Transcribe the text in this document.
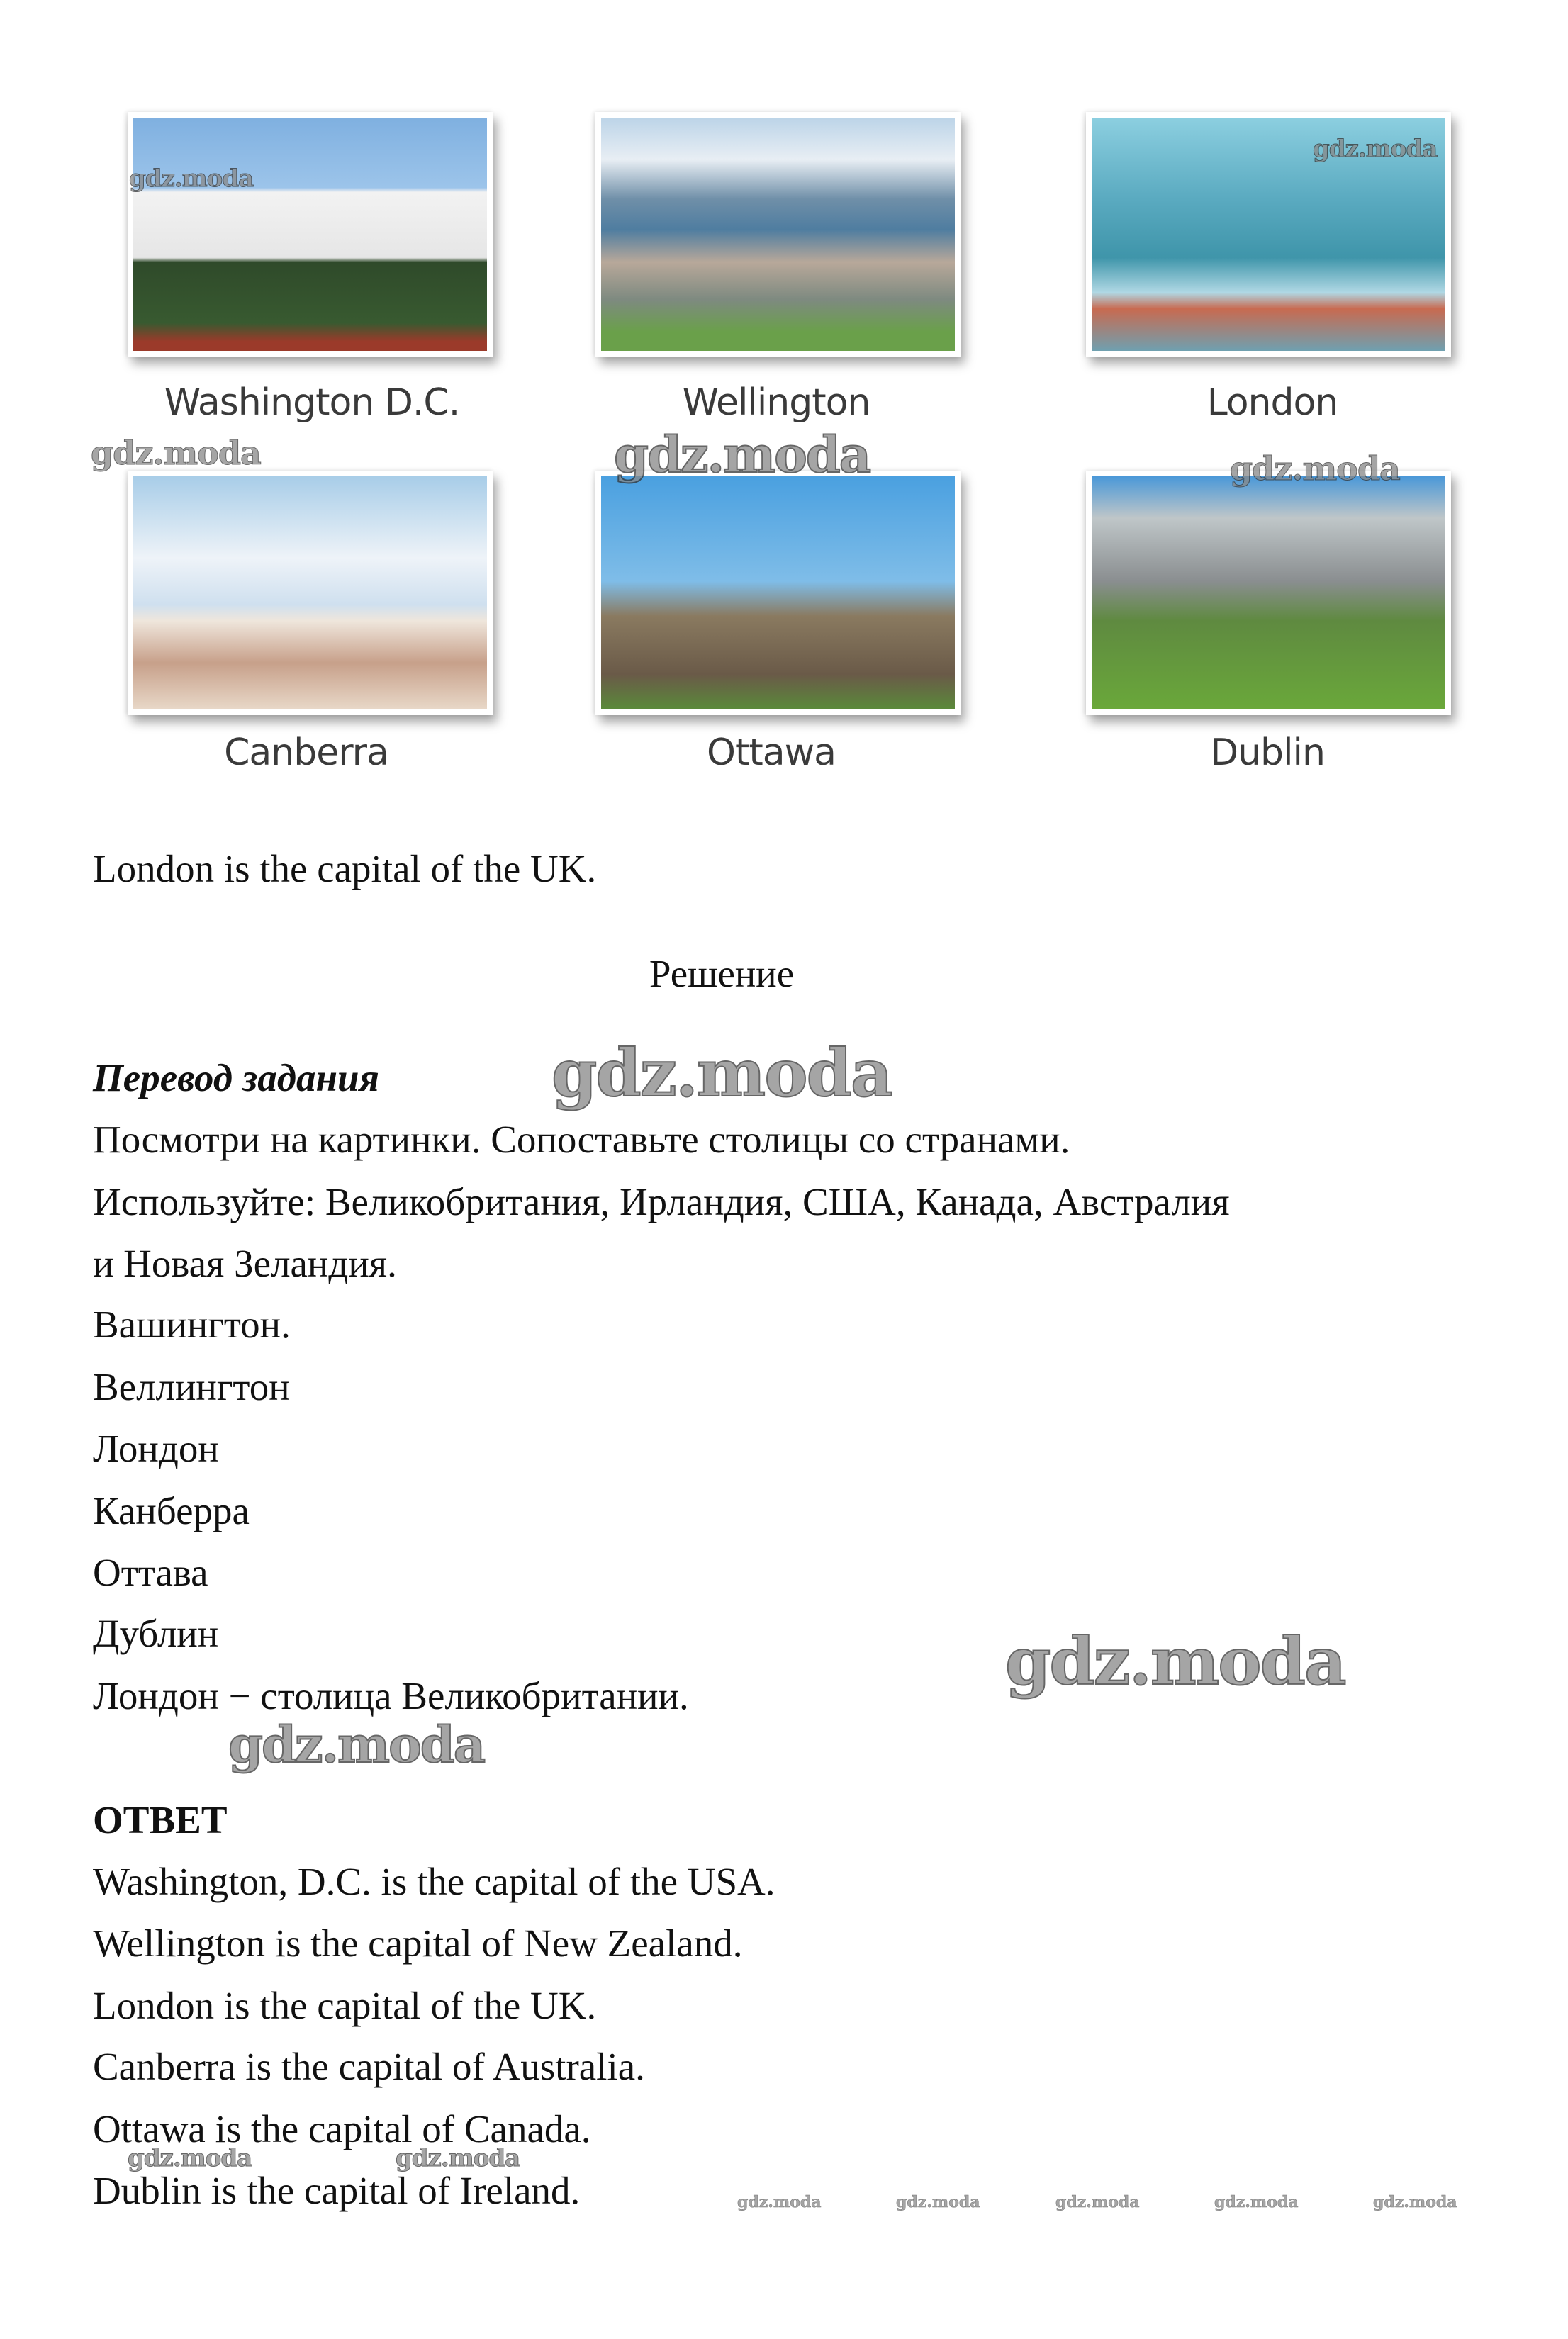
Washington D.C.	Wellington	London
Canberra	Ottawa	Dublin
London is the capital of the UK.
Решение
Перевод задания
Посмотри на картинки. Сопоставьте столицы со странами.
Используйте: Великобритания, Ирландия, США, Канада, Австралия
и Новая Зеландия.
Вашингтон.
Веллингтон
Лондон
Канберра
Оттава
Дублин
Лондон − столица Великобритании.
ОТВЕТ
Washington, D.C. is the capital of the USA.
Wellington is the capital of New Zealand.
London is the capital of the UK.
Canberra is the capital of Australia.
Ottawa is the capital of Canada.
Dublin is the capital of Ireland.
gdz.moda
gdz.moda
gdz.moda	gdz.moda	gdz.moda
gdz.moda
gdz.moda
gdz.moda
gdz.moda	gdz.moda
gdz.moda	gdz.moda	gdz.moda	gdz.moda	gdz.moda
